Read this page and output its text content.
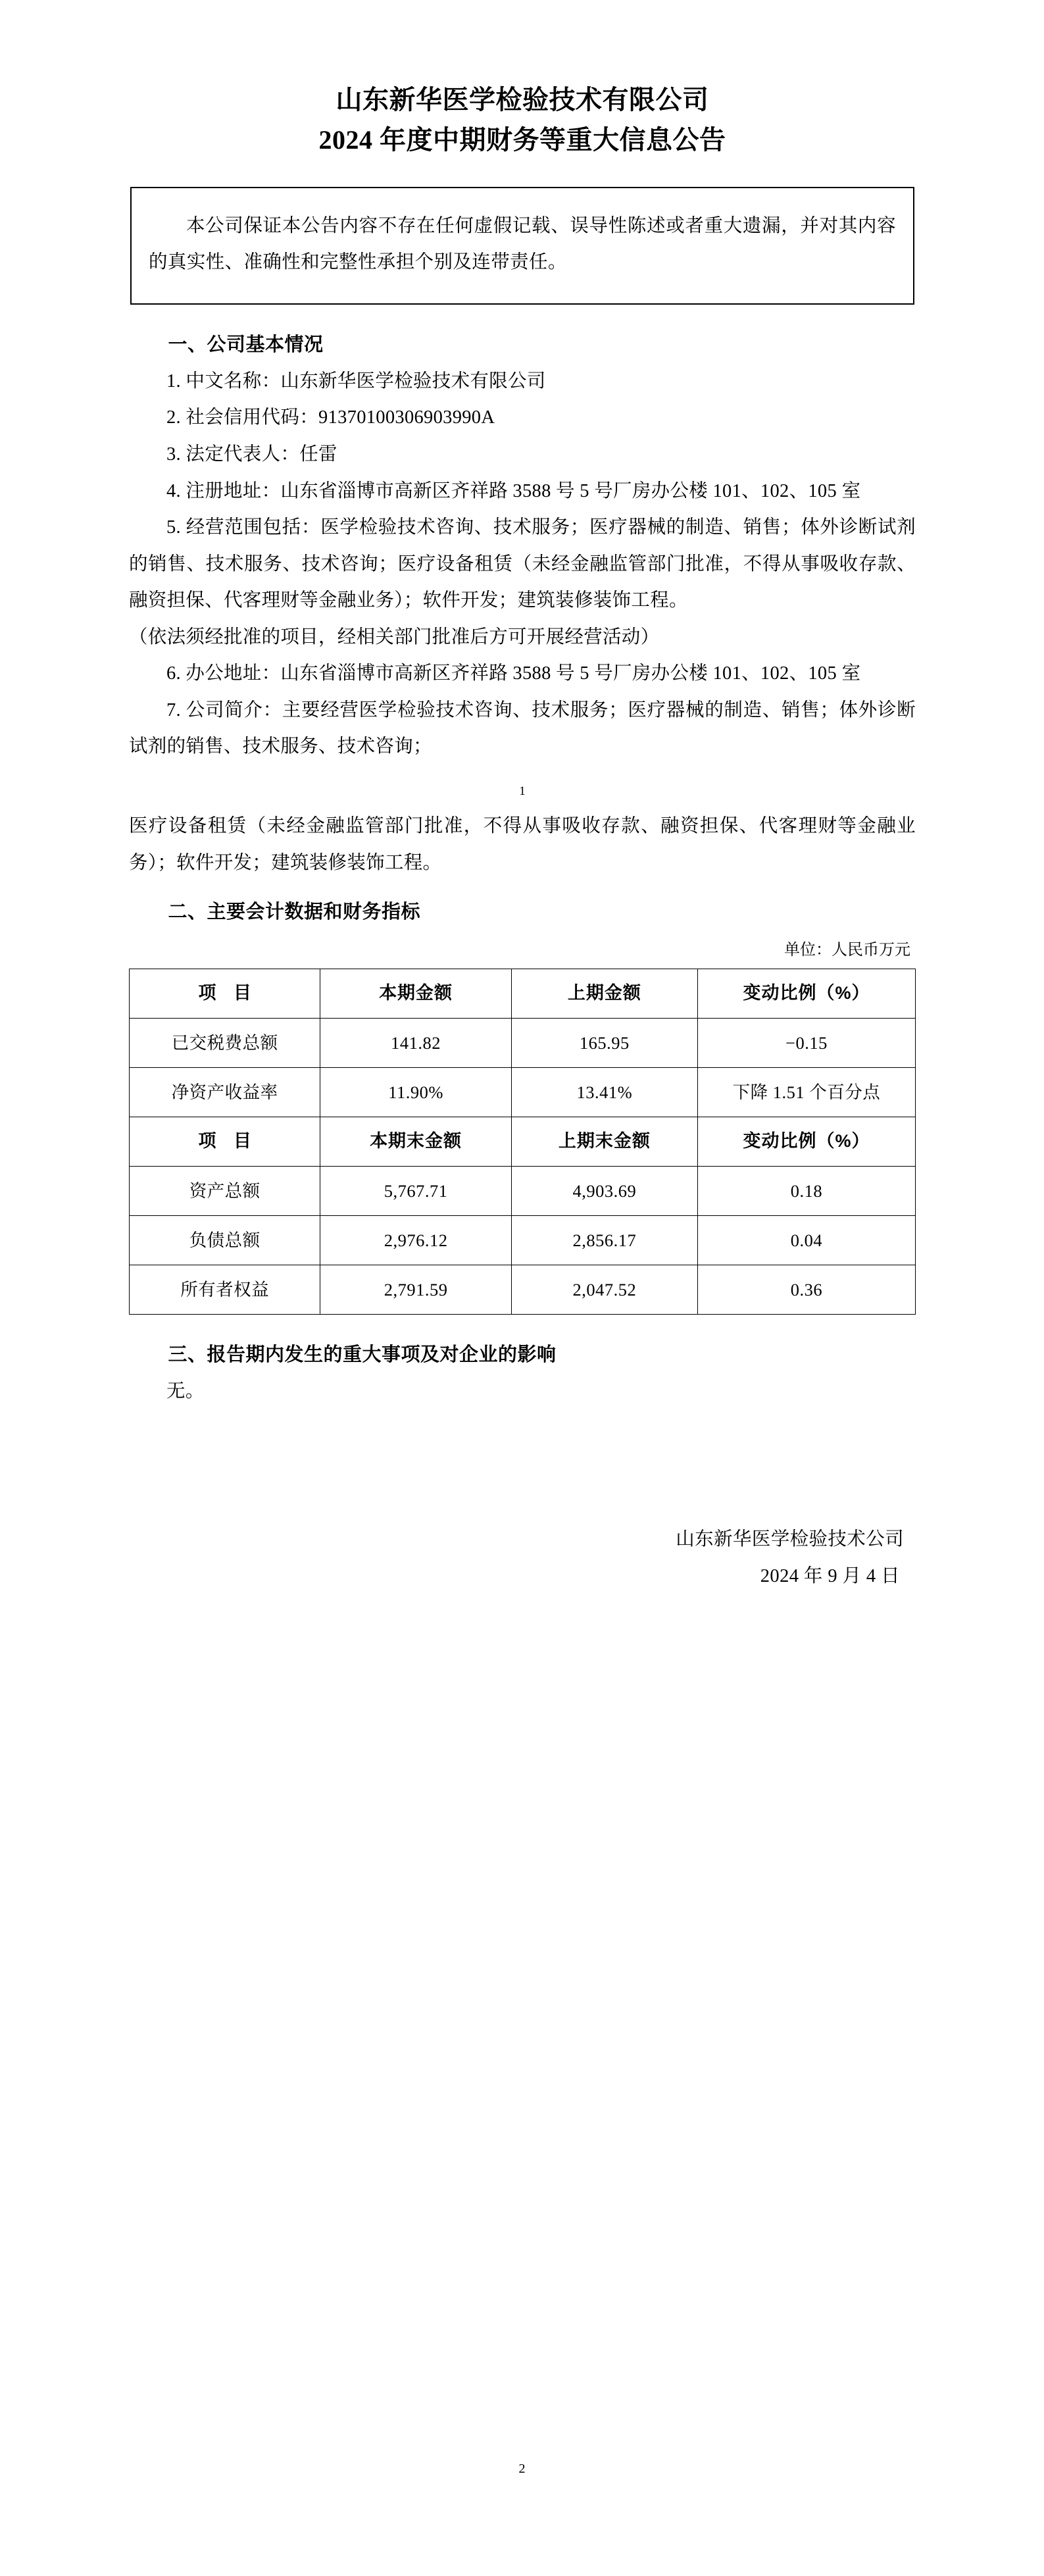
山东新华医学检验技术有限公司
2024 年度中期财务等重大信息公告

本公司保证本公告内容不存在任何虚假记载、误导性陈述或者重大遗漏，并对其内容的真实性、准确性和完整性承担个别及连带责任。

一、公司基本情况

1. 中文名称：山东新华医学检验技术有限公司

2. 社会信用代码：91370100306903990A

3. 法定代表人：任雷

4. 注册地址：山东省淄博市高新区齐祥路 3588 号 5 号厂房办公楼 101、102、105 室

5. 经营范围包括：医学检验技术咨询、技术服务；医疗器械的制造、销售；体外诊断试剂的销售、技术服务、技术咨询；医疗设备租赁（未经金融监管部门批准，不得从事吸收存款、融资担保、代客理财等金融业务）；软件开发；建筑装修装饰工程。

（依法须经批准的项目，经相关部门批准后方可开展经营活动）

6. 办公地址：山东省淄博市高新区齐祥路 3588 号 5 号厂房办公楼 101、102、105 室

7. 公司简介：主要经营医学检验技术咨询、技术服务；医疗器械的制造、销售；体外诊断试剂的销售、技术服务、技术咨询；

1

医疗设备租赁（未经金融监管部门批准，不得从事吸收存款、融资担保、代客理财等金融业务）；软件开发；建筑装修装饰工程。

二、主要会计数据和财务指标

单位：人民币万元

项 目	本期金额	上期金额	变动比例（%）
已交税费总额	141.82	165.95	−0.15
净资产收益率	11.90%	13.41%	下降 1.51 个百分点
项 目	本期末金额	上期末金额	变动比例（%）
资产总额	5,767.71	4,903.69	0.18
负债总额	2,976.12	2,856.17	0.04
所有者权益	2,791.59	2,047.52	0.36
三、报告期内发生的重大事项及对企业的影响

无。

山东新华医学检验技术公司

2024 年 9 月 4 日

2
